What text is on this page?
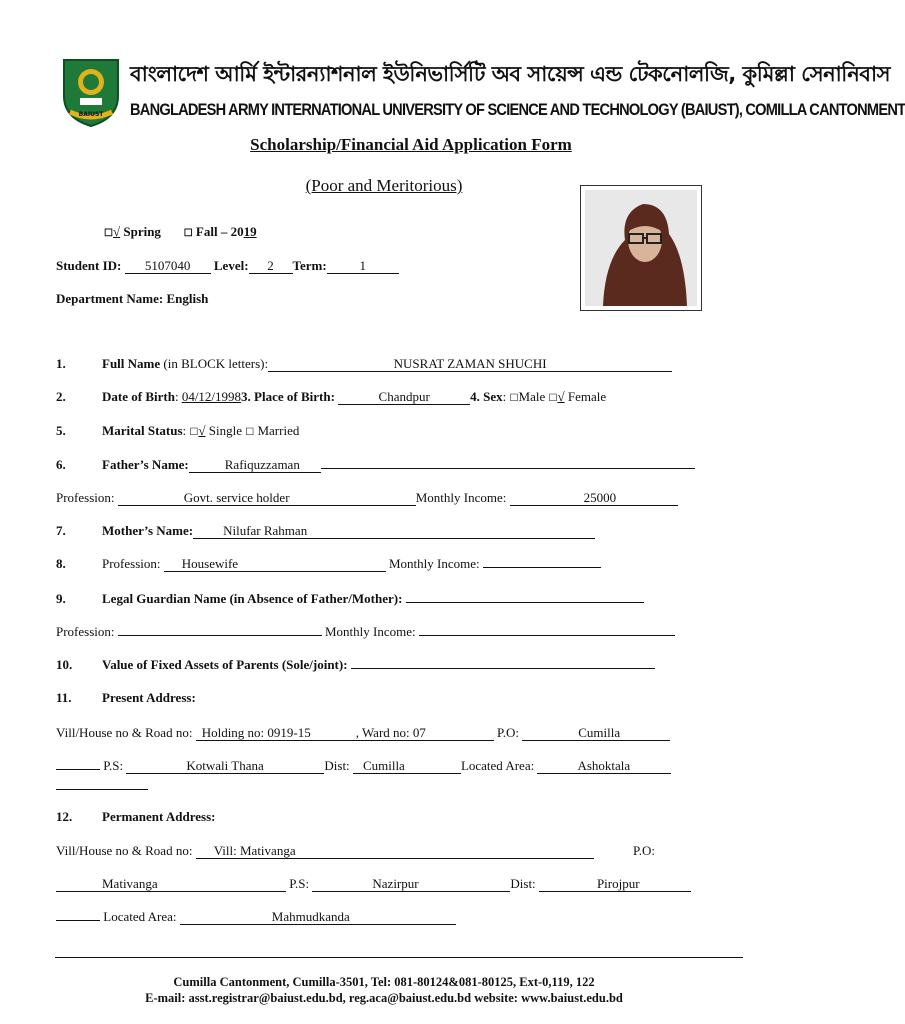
BAIUST
বাংলাদেশ আর্মি ইন্টারন্যাশনাল ইউনিভার্সিটি অব সায়েন্স এন্ড টেকনোলজি, কুমিল্লা সেনানিবাস
BANGLADESH ARMY INTERNATIONAL UNIVERSITY OF SCIENCE AND TECHNOLOGY (BAIUST), COMILLA CANTONMENT
Scholarship/Financial Aid Application Form
(Poor and Meritorious)
☐√ Spring ☐ Fall – 2019
Student ID: 5107040 Level: 2 Term:	1
Department Name: English
1.	Full Name (in BLOCK letters):	NUSRAT ZAMAN SHUCHI
2.	Date of Birth: 04/12/19983. Place of Birth:	Chandpur	4. Sex: ☐Male ☐√ Female
5.	Marital Status: ☐√ Single ☐ Married
6.	Father’s Name:	Rafiquzzaman
Profession:	Govt. service holder	Monthly Income:	25000
7.	Mother’s Name: Nilufar Rahman
8.	Profession: Housewife	Monthly Income:
9.	Legal Guardian Name (in Absence of Father/Mother):
Profession:	Monthly Income:
10. Value of Fixed Assets of Parents (Sole/joint):
11. Present Address:
Vill/House no & Road no: Holding no: 0919-15	, Ward no: 07	P.O:	Cumilla
P.S:	Kotwali Thana	Dist: Cumilla	Located Area:	Ashoktala
12. Permanent Address:
Vill/House no & Road no: Vill: Mativanga	P.O:
Mativanga	P.S:	Nazirpur	Dist:	Pirojpur
Located Area:	Mahmudkanda
Cumilla Cantonment, Cumilla-3501, Tel: 081-80124&081-80125, Ext-0,119, 122
E-mail: asst.registrar@baiust.edu.bd, reg.aca@baiust.edu.bd website: www.baiust.edu.bd
